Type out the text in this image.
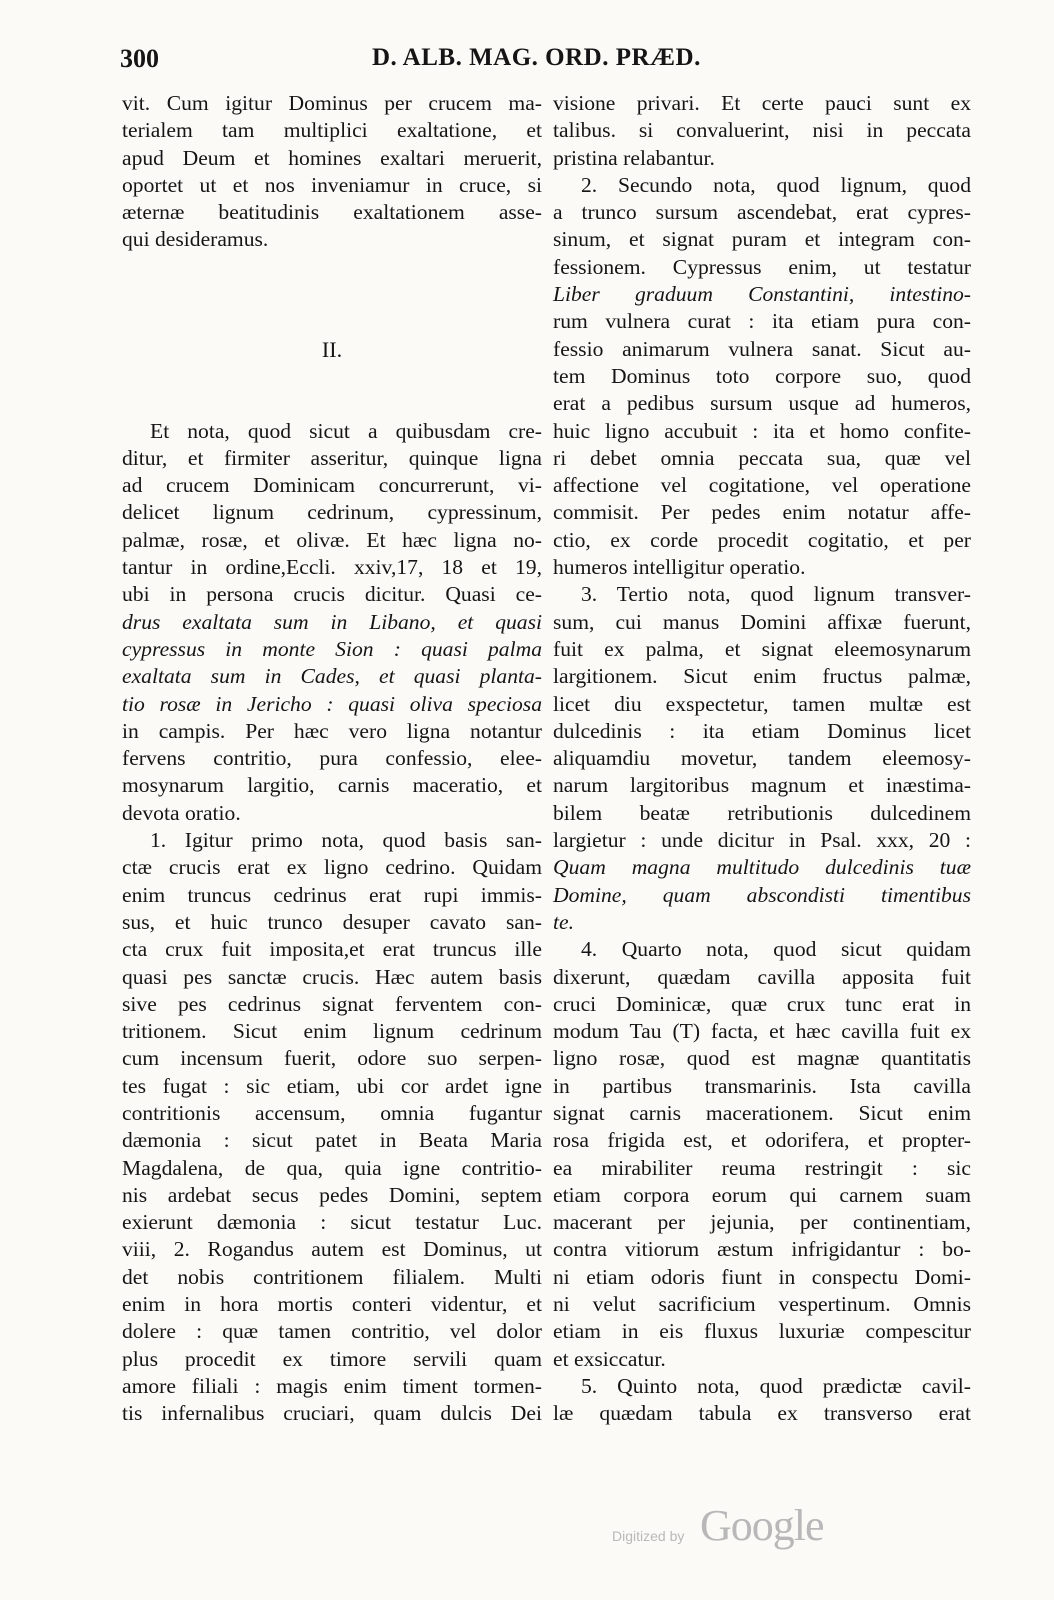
300	D. ALB. MAG. ORD. PRÆD.
vit. Cum igitur Dominus per crucem ma-
terialem tam multiplici exaltatione, et
apud Deum et homines exaltari meruerit,
oportet ut et nos inveniamur in cruce, si
æternæ beatitudinis exaltationem asse-
qui desideramus.
II.
Et nota, quod sicut a quibusdam cre-
ditur, et firmiter asseritur, quinque ligna
ad crucem Dominicam concurrerunt, vi-
delicet lignum cedrinum, cypressinum,
palmæ, rosæ, et olivæ. Et hæc ligna no-
tantur in ordine,Eccli. xxiv,17, 18 et 19,
ubi in persona crucis dicitur. Quasi ce-
drus exaltata sum in Libano, et quasi
cypressus in monte Sion : quasi palma
exaltata sum in Cades, et quasi planta-
tio rosæ in Jericho : quasi oliva speciosa
in campis. Per hæc vero ligna notantur
fervens contritio, pura confessio, elee-
mosynarum largitio, carnis maceratio, et
devota oratio.
1. Igitur primo nota, quod basis san-
ctæ crucis erat ex ligno cedrino. Quidam
enim truncus cedrinus erat rupi immis-
sus, et huic trunco desuper cavato san-
cta crux fuit imposita,et erat truncus ille
quasi pes sanctæ crucis. Hæc autem basis
sive pes cedrinus signat ferventem con-
tritionem. Sicut enim lignum cedrinum
cum incensum fuerit, odore suo serpen-
tes fugat : sic etiam, ubi cor ardet igne
contritionis accensum, omnia fugantur
dæmonia : sicut patet in Beata Maria
Magdalena, de qua, quia igne contritio-
nis ardebat secus pedes Domini, septem
exierunt dæmonia : sicut testatur Luc.
viii, 2. Rogandus autem est Dominus, ut
det nobis contritionem filialem. Multi
enim in hora mortis conteri videntur, et
dolere : quæ tamen contritio, vel dolor
plus procedit ex timore servili quam
amore filiali : magis enim timent tormen-
tis infernalibus cruciari, quam dulcis Dei
visione privari. Et certe pauci sunt ex
talibus. si convaluerint, nisi in peccata
pristina relabantur.
2. Secundo nota, quod lignum, quod
a trunco sursum ascendebat, erat cypres-
sinum, et signat puram et integram con-
fessionem. Cypressus enim, ut testatur
Liber graduum Constantini, intestino-
rum vulnera curat : ita etiam pura con-
fessio animarum vulnera sanat. Sicut au-
tem Dominus toto corpore suo, quod
erat a pedibus sursum usque ad humeros,
huic ligno accubuit : ita et homo confite-
ri debet omnia peccata sua, quæ vel
affectione vel cogitatione, vel operatione
commisit. Per pedes enim notatur affe-
ctio, ex corde procedit cogitatio, et per
humeros intelligitur operatio.
3. Tertio nota, quod lignum transver-
sum, cui manus Domini affixæ fuerunt,
fuit ex palma, et signat eleemosynarum
largitionem. Sicut enim fructus palmæ,
licet diu exspectetur, tamen multæ est
dulcedinis : ita etiam Dominus licet
aliquamdiu movetur, tandem eleemosy-
narum largitoribus magnum et inæstima-
bilem beatæ retributionis dulcedinem
largietur : unde dicitur in Psal. xxx, 20 :
Quam magna multitudo dulcedinis tuæ
Domine, quam abscondisti timentibus
te.
4. Quarto nota, quod sicut quidam
dixerunt, quædam cavilla apposita fuit
cruci Dominicæ, quæ crux tunc erat in
modum Tau (T) facta, et hæc cavilla fuit ex
ligno rosæ, quod est magnæ quantitatis
in partibus transmarinis. Ista cavilla
signat carnis macerationem. Sicut enim
rosa frigida est, et odorifera, et propter-
ea mirabiliter reuma restringit : sic
etiam corpora eorum qui carnem suam
macerant per jejunia, per continentiam,
contra vitiorum æstum infrigidantur : bo-
ni etiam odoris fiunt in conspectu Domi-
ni velut sacrificium vespertinum. Omnis
etiam in eis fluxus luxuriæ compescitur
et exsiccatur.
5. Quinto nota, quod prædictæ cavil-
læ quædam tabula ex transverso erat
Digitized by Google
